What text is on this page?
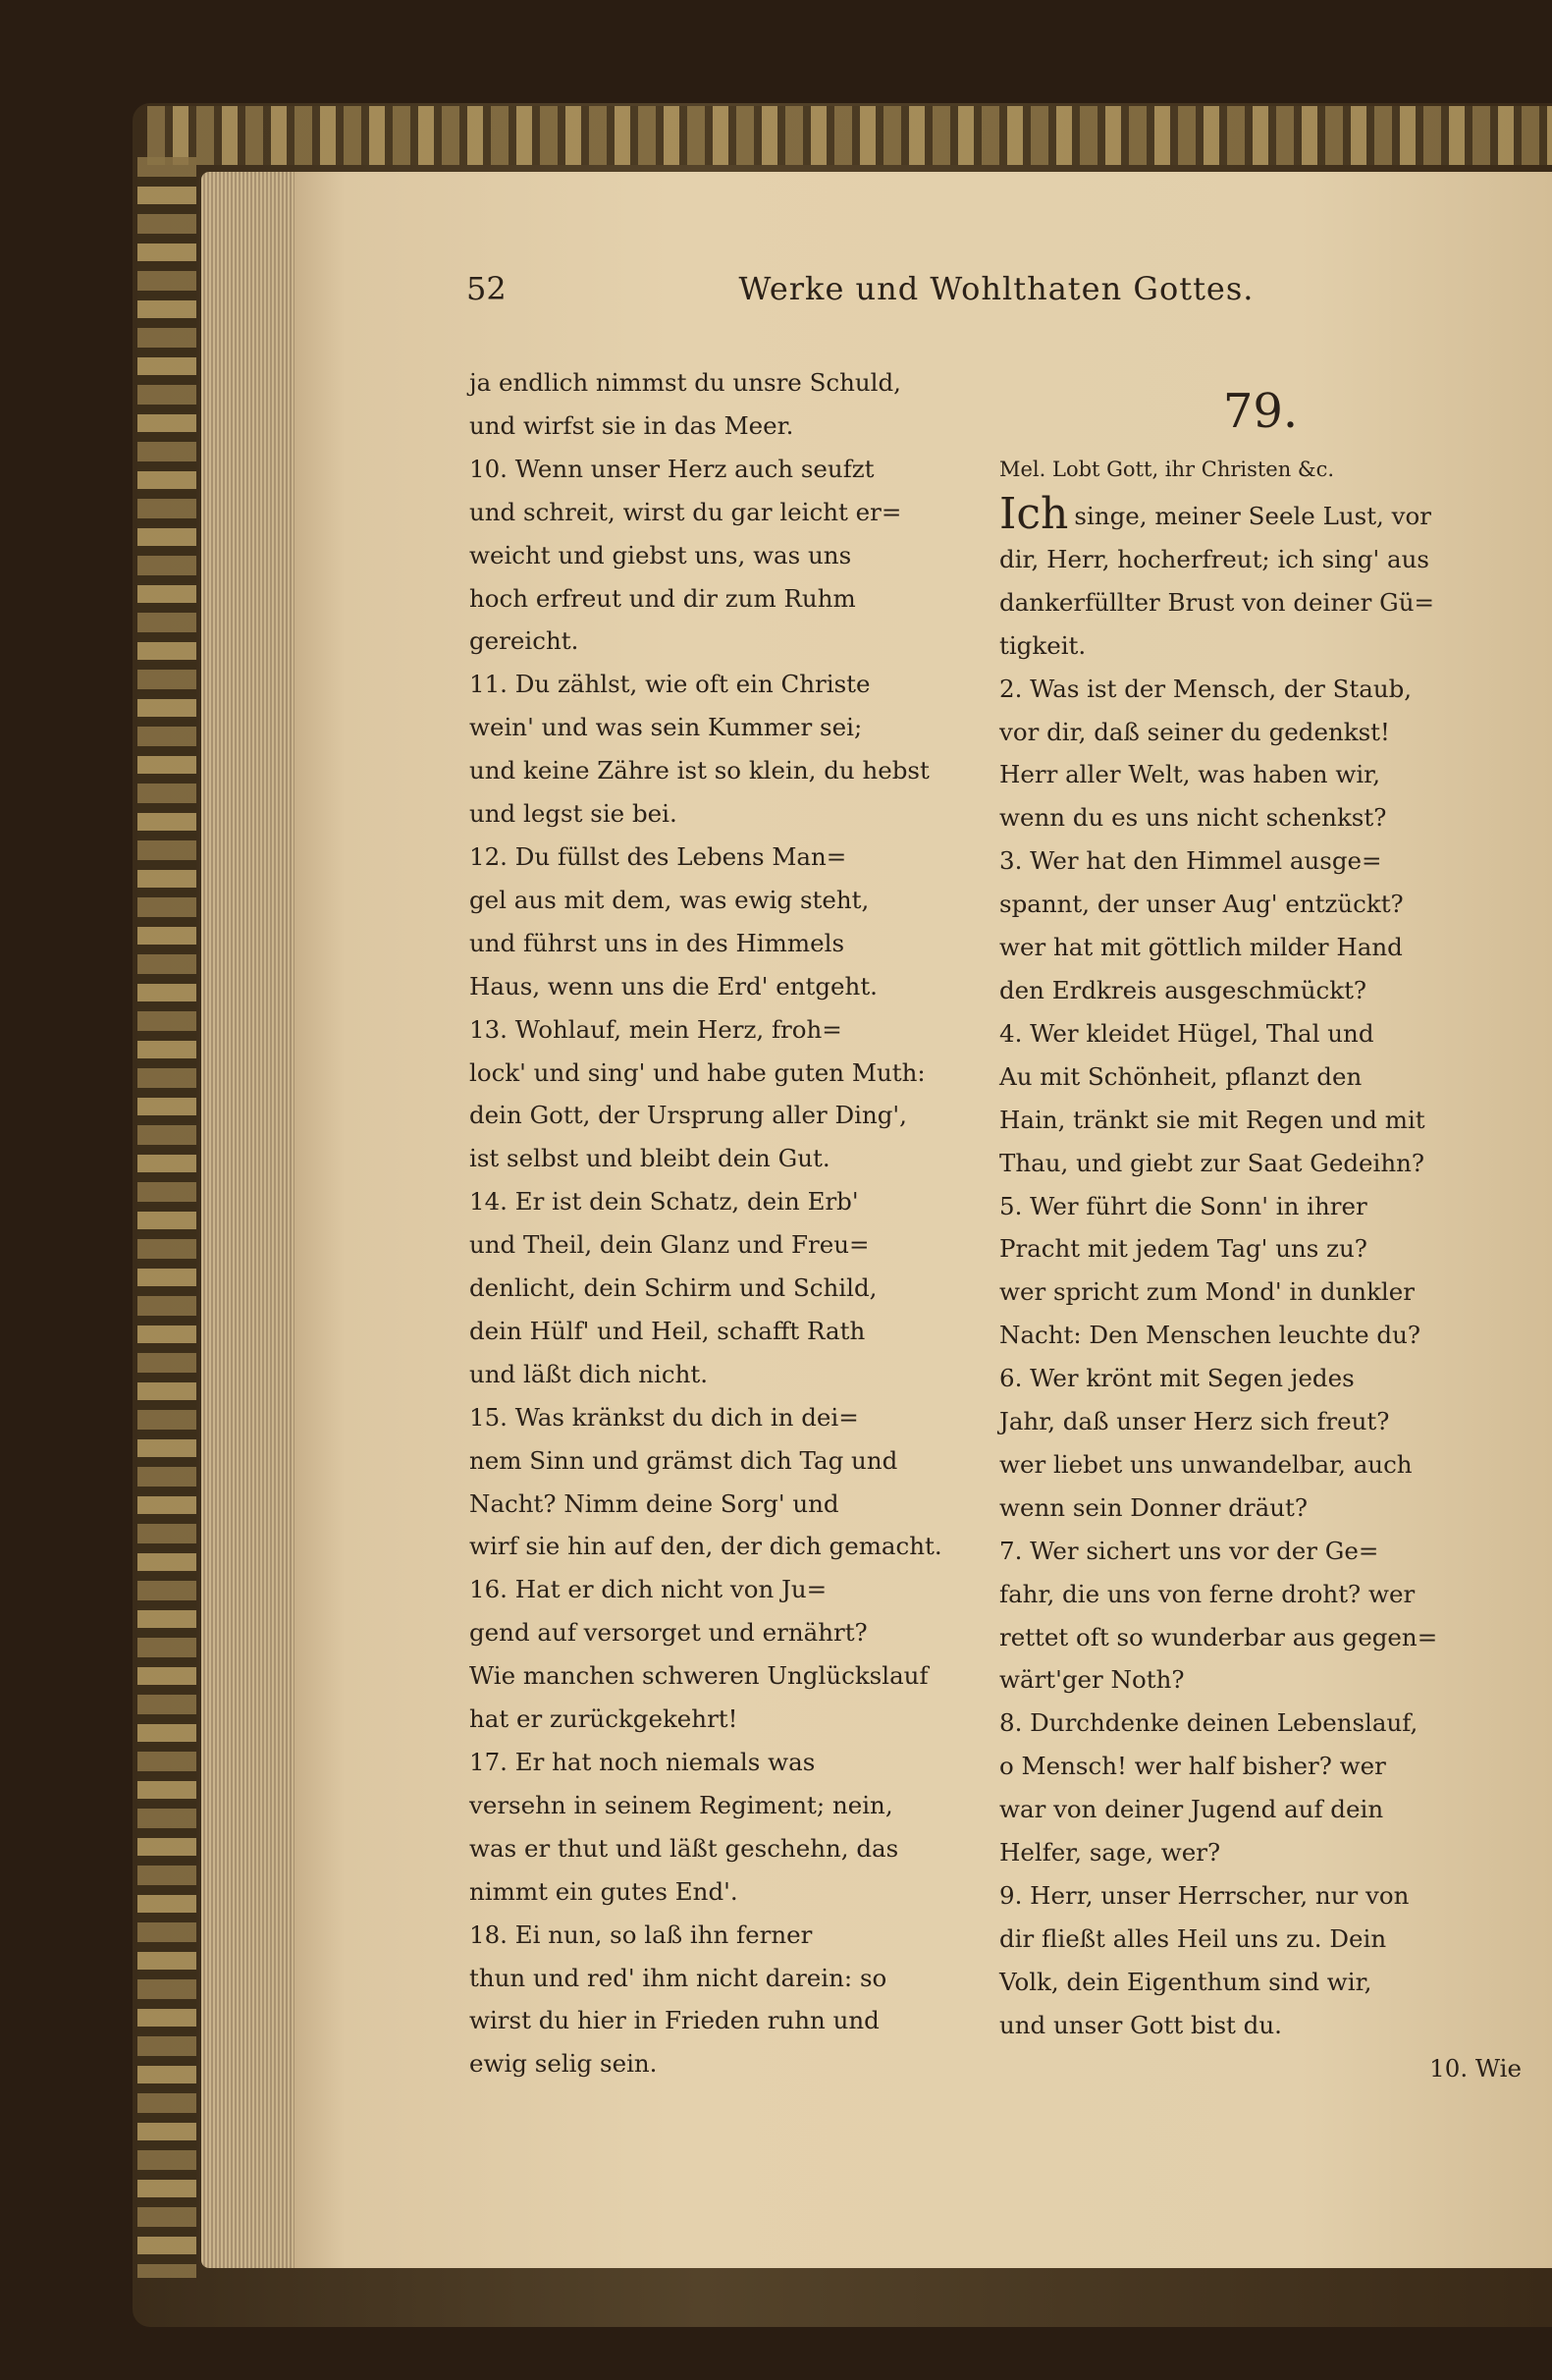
52	Werke und Wohlthaten Gottes.

ja endlich nimmst du unsre Schuld,

und wirfst sie in das Meer.

10. Wenn unser Herz auch seufzt

und schreit, wirst du gar leicht er=

weicht und giebst uns, was uns

hoch erfreut und dir zum Ruhm

gereicht.

11. Du zählst, wie oft ein Christe

wein' und was sein Kummer sei;

und keine Zähre ist so klein, du hebst

und legst sie bei.

12. Du füllst des Lebens Man=

gel aus mit dem, was ewig steht,

und führst uns in des Himmels

Haus, wenn uns die Erd' entgeht.

13. Wohlauf, mein Herz, froh=

lock' und sing' und habe guten Muth:

dein Gott, der Ursprung aller Ding',

ist selbst und bleibt dein Gut.

14. Er ist dein Schatz, dein Erb'

und Theil, dein Glanz und Freu=

denlicht, dein Schirm und Schild,

dein Hülf' und Heil, schafft Rath

und läßt dich nicht.

15. Was kränkst du dich in dei=

nem Sinn und grämst dich Tag und

Nacht? Nimm deine Sorg' und

wirf sie hin auf den, der dich gemacht.

16. Hat er dich nicht von Ju=

gend auf versorget und ernährt?

Wie manchen schweren Unglückslauf

hat er zurückgekehrt!

17. Er hat noch niemals was

versehn in seinem Regiment; nein,

was er thut und läßt geschehn, das

nimmt ein gutes End'.

18. Ei nun, so laß ihn ferner

thun und red' ihm nicht darein: so

wirst du hier in Frieden ruhn und

ewig selig sein.

79.
Mel. Lobt Gott, ihr Christen &c.

Ich singe, meiner Seele Lust, vor

dir, Herr, hocherfreut; ich sing' aus

dankerfüllter Brust von deiner Gü=

tigkeit.

2. Was ist der Mensch, der Staub,

vor dir, daß seiner du gedenkst!

Herr aller Welt, was haben wir,

wenn du es uns nicht schenkst?

3. Wer hat den Himmel ausge=

spannt, der unser Aug' entzückt?

wer hat mit göttlich milder Hand

den Erdkreis ausgeschmückt?

4. Wer kleidet Hügel, Thal und

Au mit Schönheit, pflanzt den

Hain, tränkt sie mit Regen und mit

Thau, und giebt zur Saat Gedeihn?

5. Wer führt die Sonn' in ihrer

Pracht mit jedem Tag' uns zu?

wer spricht zum Mond' in dunkler

Nacht: Den Menschen leuchte du?

6. Wer krönt mit Segen jedes

Jahr, daß unser Herz sich freut?

wer liebet uns unwandelbar, auch

wenn sein Donner dräut?

7. Wer sichert uns vor der Ge=

fahr, die uns von ferne droht? wer

rettet oft so wunderbar aus gegen=

wärt'ger Noth?

8. Durchdenke deinen Lebenslauf,

o Mensch! wer half bisher? wer

war von deiner Jugend auf dein

Helfer, sage, wer?

9. Herr, unser Herrscher, nur von

dir fließt alles Heil uns zu. Dein

Volk, dein Eigenthum sind wir,

und unser Gott bist du.

10. Wie
